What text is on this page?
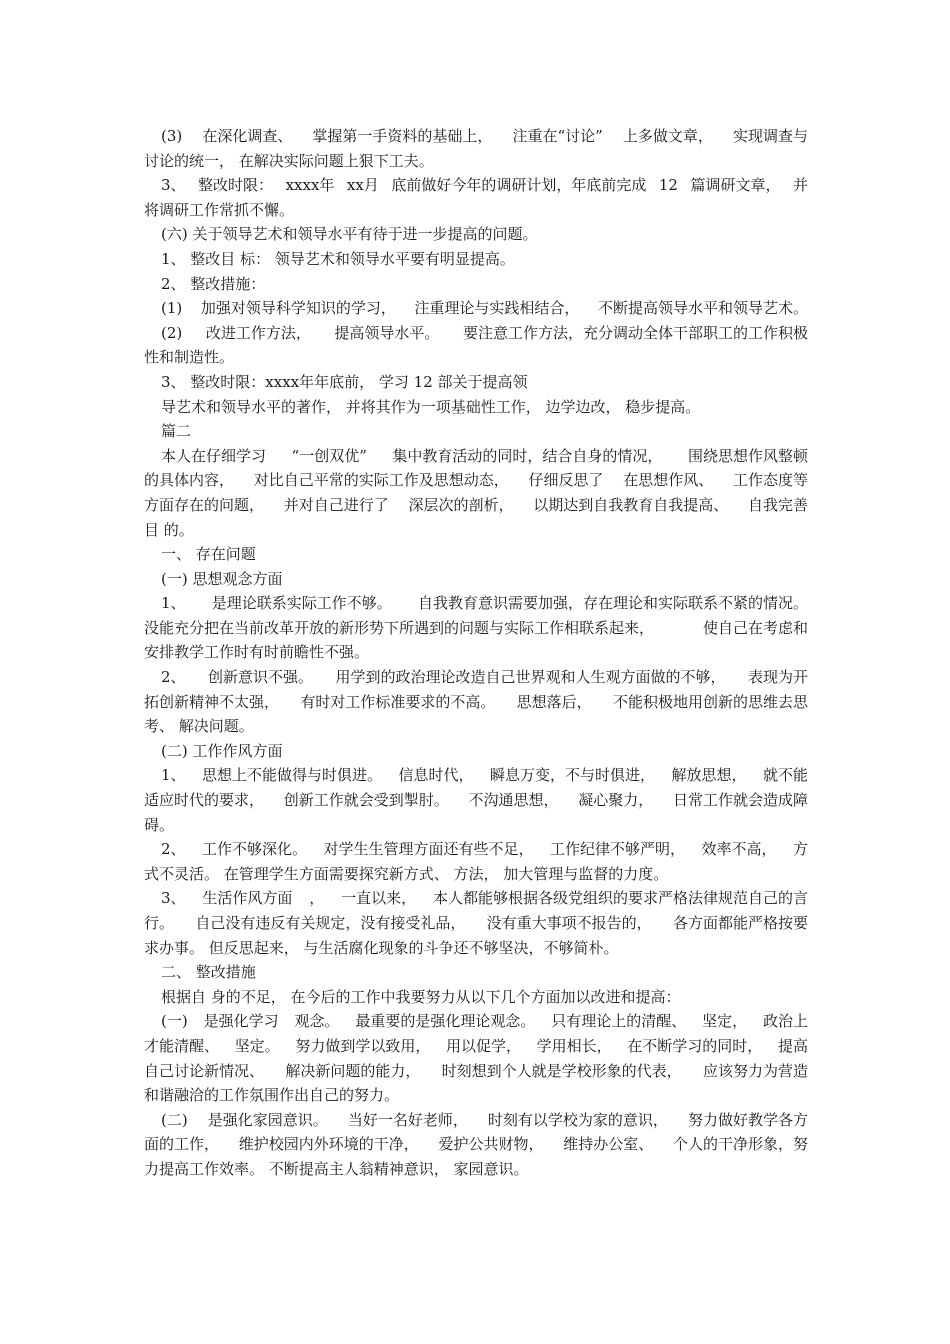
(3) 在深化调查、 掌握第一手资料的基础上， 注重在“讨论” 上多做文章， 实现调查与
讨论的统一， 在解决实际问题上狠下工夫。
3、 整改时限： xxxx年 xx月 底前做好今年的调研计划，年底前完成 12 篇调研文章， 并
将调研工作常抓不懈。
(六) 关于领导艺术和领导水平有待于进一步提高的问题。
1、 整改目 标： 领导艺术和领导水平要有明显提高。
2、 整改措施：
(1) 加强对领导科学知识的学习， 注重理论与实践相结合， 不断提高领导水平和领导艺术。
(2) 改进工作方法， 提高领导水平。 要注意工作方法，充分调动全体干部职工的工作积极
性和制造性。
3、 整改时限：xxxx年年底前， 学习 12 部关于提高领
导艺术和领导水平的著作， 并将其作为一项基础性工作， 边学边改， 稳步提高。
篇二
本人在仔细学习 “一创双优” 集中教育活动的同时，结合自身的情况， 围绕思想作风整顿
的具体内容， 对比自己平常的实际工作及思想动态， 仔细反思了 在思想作风、 工作态度等
方面存在的问题， 并对自己进行了 深层次的剖析， 以期达到自我教育自我提高、 自我完善
目 的。
一、 存在问题
(一) 思想观念方面
1、 是理论联系实际工作不够。 自我教育意识需要加强，存在理论和实际联系不紧的情况。
没能充分把在当前改革开放的新形势下所遇到的问题与实际工作相联系起来，	使自己在考虑和
安排教学工作时有时前瞻性不强。
2、 创新意识不强。 用学到的政治理论改造自己世界观和人生观方面做的不够， 表现为开
拓创新精神不太强， 有时对工作标准要求的不高。 思想落后， 不能积极地用创新的思维去思
考、 解决问题。
(二) 工作作风方面
1、 思想上不能做得与时俱进。 信息时代， 瞬息万变，不与时俱进， 解放思想， 就不能
适应时代的要求， 创新工作就会受到掣肘。 不沟通思想， 凝心聚力， 日常工作就会造成障
碍。
2、 工作不够深化。 对学生生管理方面还有些不足， 工作纪律不够严明， 效率不高， 方
式不灵活。 在管理学生方面需要探究新方式、 方法， 加大管理与监督的力度。
3、 生活作风方面 ， 一直以来， 本人都能够根据各级党组织的要求严格法律规范自己的言
行。 自己没有违反有关规定，没有接受礼品， 没有重大事项不报告的， 各方面都能严格按要
求办事。 但反思起来， 与生活腐化现象的斗争还不够坚决，不够简朴。
二、 整改措施
根据自 身的不足， 在今后的工作中我要努力从以下几个方面加以改进和提高：
(一) 是强化学习 观念。 最重要的是强化理论观念。 只有理论上的清醒、 坚定， 政治上
才能清醒、 坚定。 努力做到学以致用， 用以促学， 学用相长， 在不断学习的同时， 提高
自己讨论新情况、 解决新问题的能力， 时刻想到个人就是学校形象的代表， 应该努力为营造
和谐融洽的工作氛围作出自己的努力。
(二) 是强化家园意识。 当好一名好老师， 时刻有以学校为家的意识， 努力做好教学各方
面的工作， 维护校园内外环境的干净， 爱护公共财物， 维持办公室、 个人的干净形象，努
力提高工作效率。 不断提高主人翁精神意识， 家园意识。
